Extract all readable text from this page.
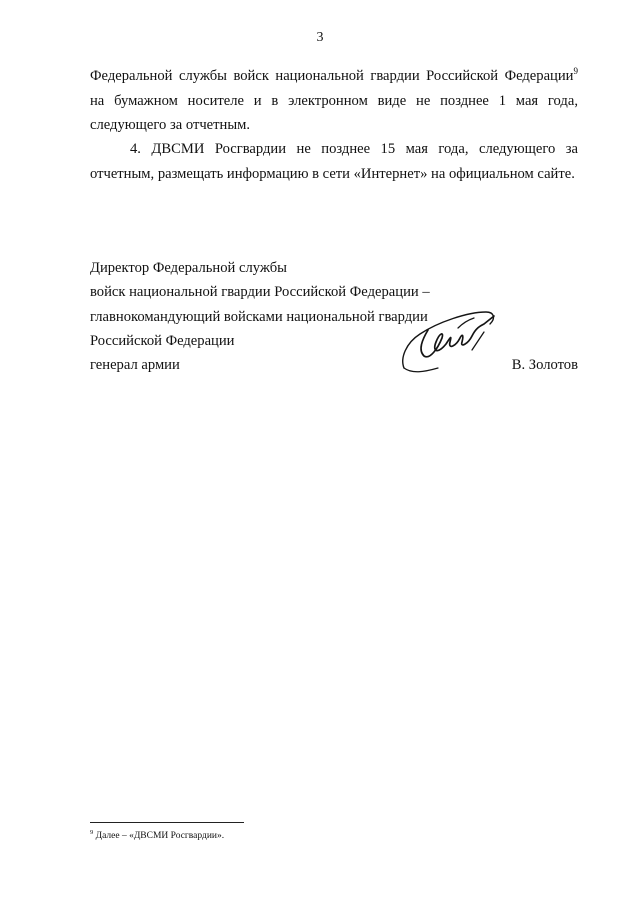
3
Федеральной службы войск национальной гвардии Российской Федерации$^9$ на бумажном носителе и в электронном виде не позднее 1 мая года, следующего за отчетным.
4. ДВСМИ Росгвардии не позднее 15 мая года, следующего за отчетным, размещать информацию в сети «Интернет» на официальном сайте.
Директор Федеральной службы
войск национальной гвардии Российской Федерации –
главнокомандующий войсками национальной гвардии
Российской Федерации
генерал армии	В. Золотов
$^9$ Далее – «ДВСМИ Росгвардии».
